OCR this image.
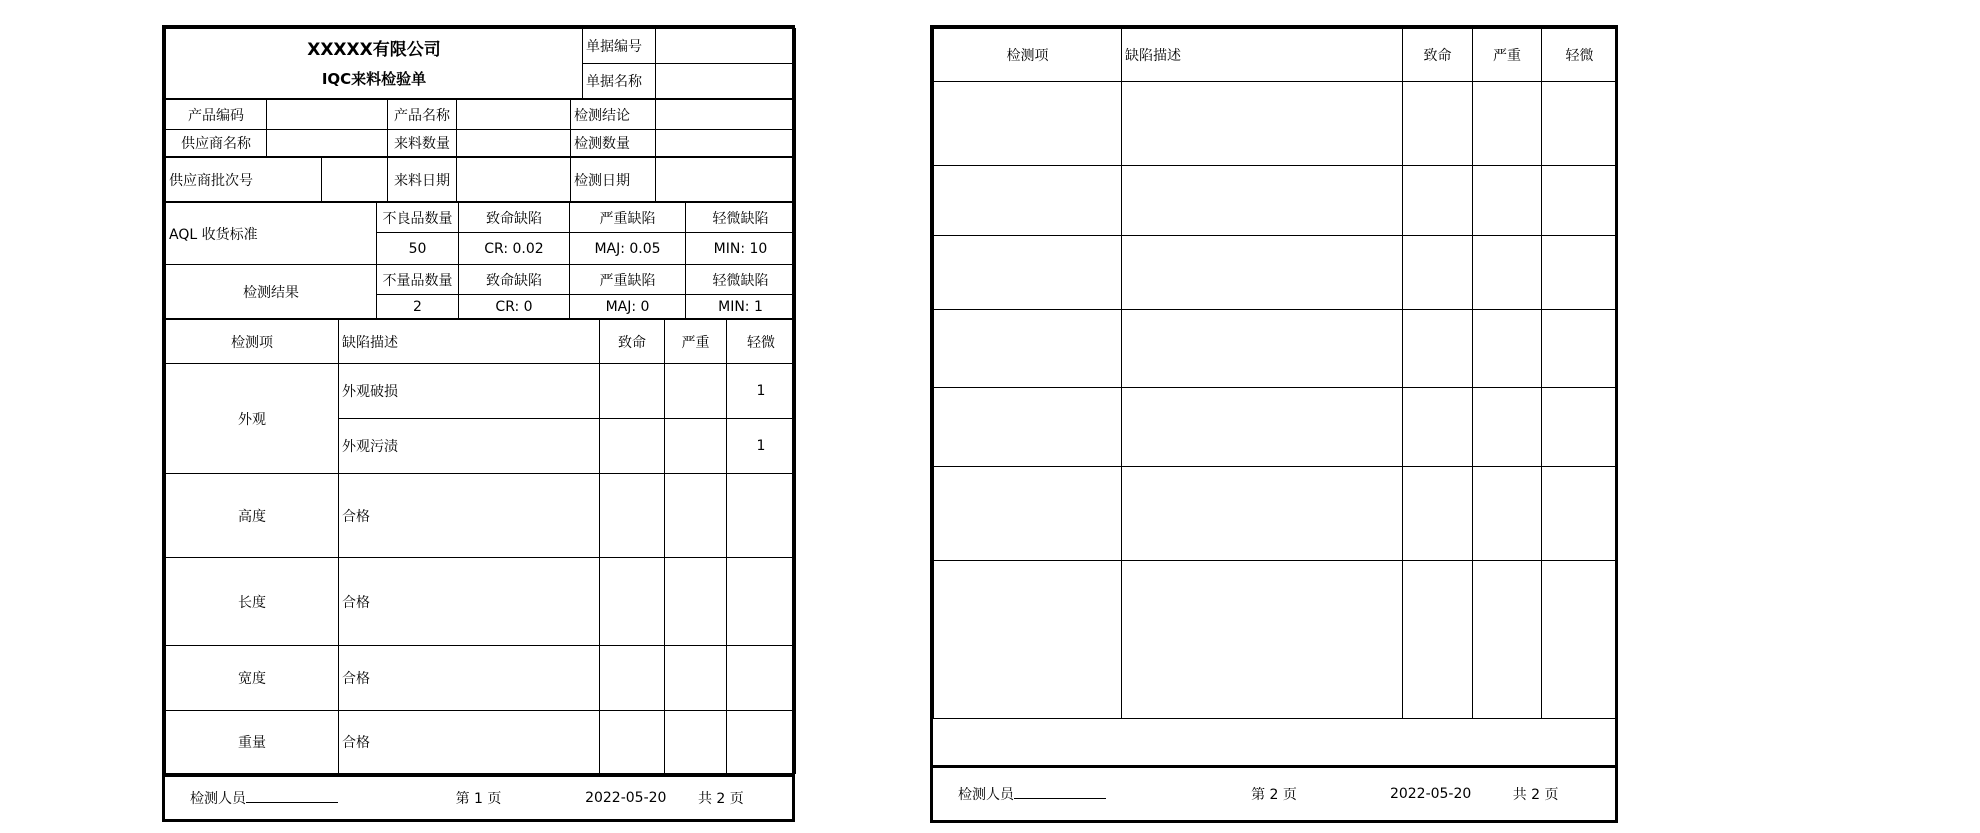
XXXXX有限公司
IQC来料检验单	单据编号	
	单据名称	
产品编码		产品名称		检测结论	
供应商名称		来料数量		检测数量	
供应商批次号		来料日期		检测日期	
AQL 收货标准	不良品数量	致命缺陷	严重缺陷	轻微缺陷
	50	CR: 0.02	MAJ: 0.05	MIN: 10
检测结果	不量品数量	致命缺陷	严重缺陷	轻微缺陷
	2	CR: 0	MAJ: 0	MIN: 1
检测项	缺陷描述	致命	严重	轻微
外观	外观破损			1
	外观污渍			1
高度	合格			
长度	合格			
宽度	合格			
重量	合格			
检测人员	第 1 页	2022-05-20 共 2 页
检测项	缺陷描述	致命	严重	轻微

检测人员	第 2 页	2022-05-20	共 2 页
